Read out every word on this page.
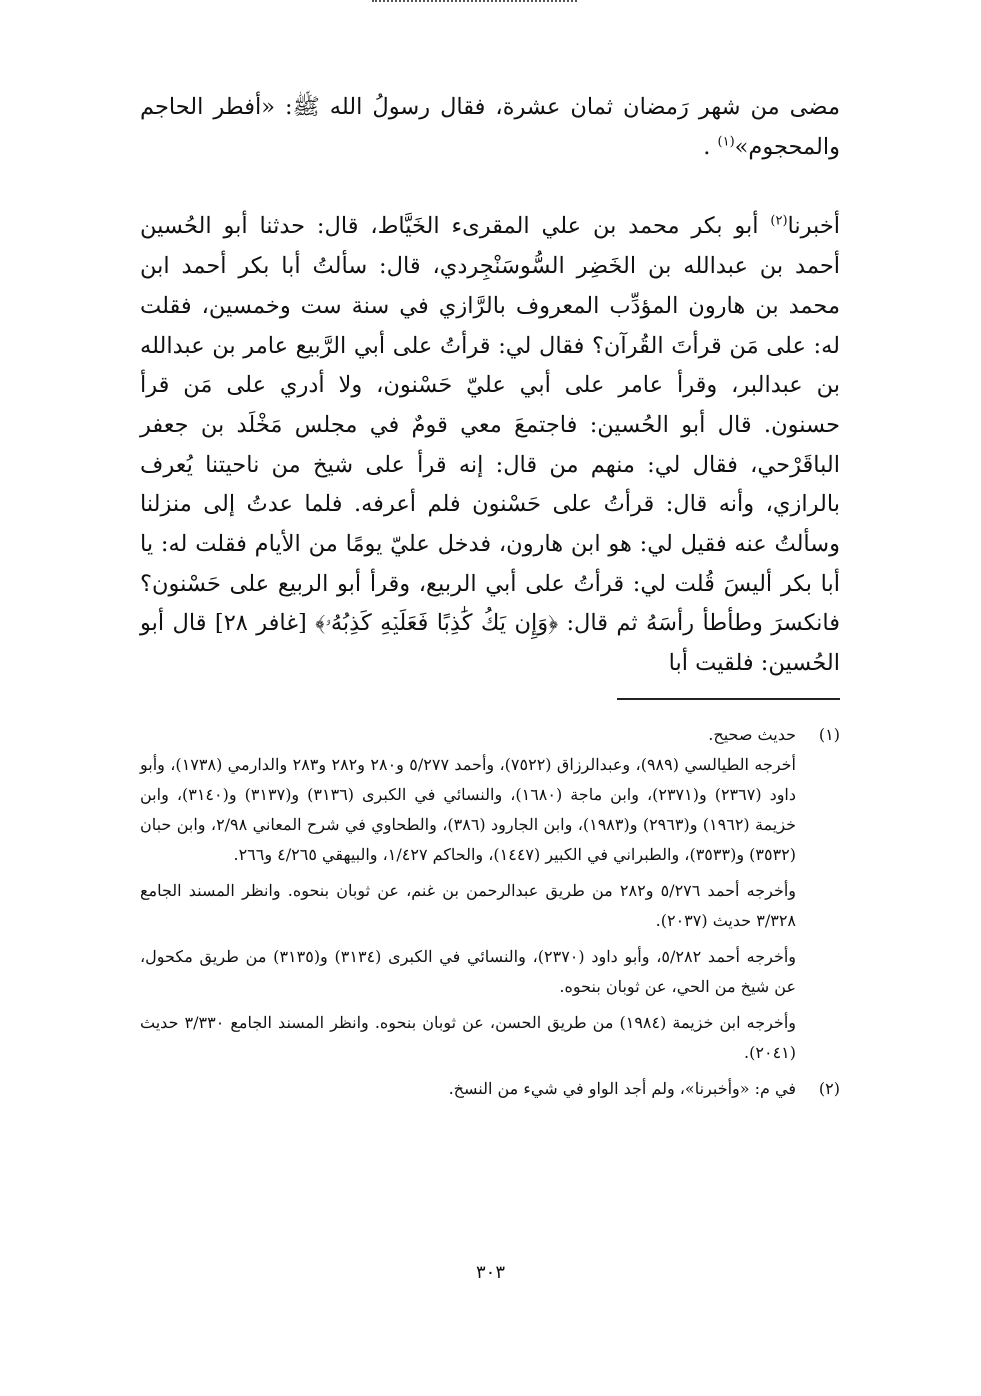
مضى من شهر رَمضان ثمان عشرة، فقال رسولُ الله ﷺ: «أفطر الحاجم والمحجوم»$^{(١)}$ .

أخبرنا$^{(٢)}$ أبو بكر محمد بن علي المقرىء الخَيَّاط، قال: حدثنا أبو الحُسين أحمد بن عبدالله بن الخَضِر السُّوسَنْجِردي، قال: سألتُ أبا بكر أحمد ابن محمد بن هارون المؤدِّب المعروف بالرَّازي في سنة ست وخمسين، فقلت له: على مَن قرأتَ القُرآن؟ فقال لي: قرأتُ على أبي الرَّبيع عامر بن عبدالله بن عبدالبر، وقرأ عامر على أبي عليّ حَسْنون، ولا أدري على مَن قرأ حسنون. قال أبو الحُسين: فاجتمعَ معي قومٌ في مجلس مَخْلَد بن جعفر الباقَرْحي، فقال لي: منهم من قال: إنه قرأ على شيخ من ناحيتنا يُعرف بالرازي، وأنه قال: قرأتُ على حَسْنون فلم أعرفه. فلما عدتُ إلى منزلنا وسألتُ عنه فقيل لي: هو ابن هارون، فدخل عليّ يومًا من الأيام فقلت له: يا أبا بكر أليسَ قُلت لي: قرأتُ على أبي الربيع، وقرأ أبو الربيع على حَسْنون؟ فانكسرَ وطأطأ رأسَهُ ثم قال: ﴿وَإِن يَكُ كَٰذِبًا فَعَلَيۡهِ كَذِبُهُۥ﴾ [غافر ٢٨] قال أبو الحُسين: فلقيت أبا

(١)

حديث صحيح.

أخرجه الطيالسي (٩٨٩)، وعبدالرزاق (٧٥٢٢)، وأحمد ٥/٢٧٧ و٢٨٠ و٢٨٢ و٢٨٣ والدارمي (١٧٣٨)، وأبو داود (٢٣٦٧) و(٢٣٧١)، وابن ماجة (١٦٨٠)، والنسائي في الكبرى (٣١٣٦) و(٣١٣٧) و(٣١٤٠)، وابن خزيمة (١٩٦٢) و(٢٩٦٣) و(١٩٨٣)، وابن الجارود (٣٨٦)، والطحاوي في شرح المعاني ٢/٩٨، وابن حبان (٣٥٣٢) و(٣٥٣٣)، والطبراني في الكبير (١٤٤٧)، والحاكم ١/٤٢٧، والبيهقي ٤/٢٦٥ و٢٦٦.

وأخرجه أحمد ٥/٢٧٦ و٢٨٢ من طريق عبدالرحمن بن غنم، عن ثوبان بنحوه. وانظر المسند الجامع ٣/٣٢٨ حديث (٢٠٣٧).

وأخرجه أحمد ٥/٢٨٢، وأبو داود (٢٣٧٠)، والنسائي في الكبرى (٣١٣٤) و(٣١٣٥) من طريق مكحول، عن شيخ من الحي، عن ثوبان بنحوه.

وأخرجه ابن خزيمة (١٩٨٤) من طريق الحسن، عن ثوبان بنحوه. وانظر المسند الجامع ٣/٣٣٠ حديث (٢٠٤١).

(٢)

في م: «وأخبرنا»، ولم أجد الواو في شيء من النسخ.

٣٠٣
